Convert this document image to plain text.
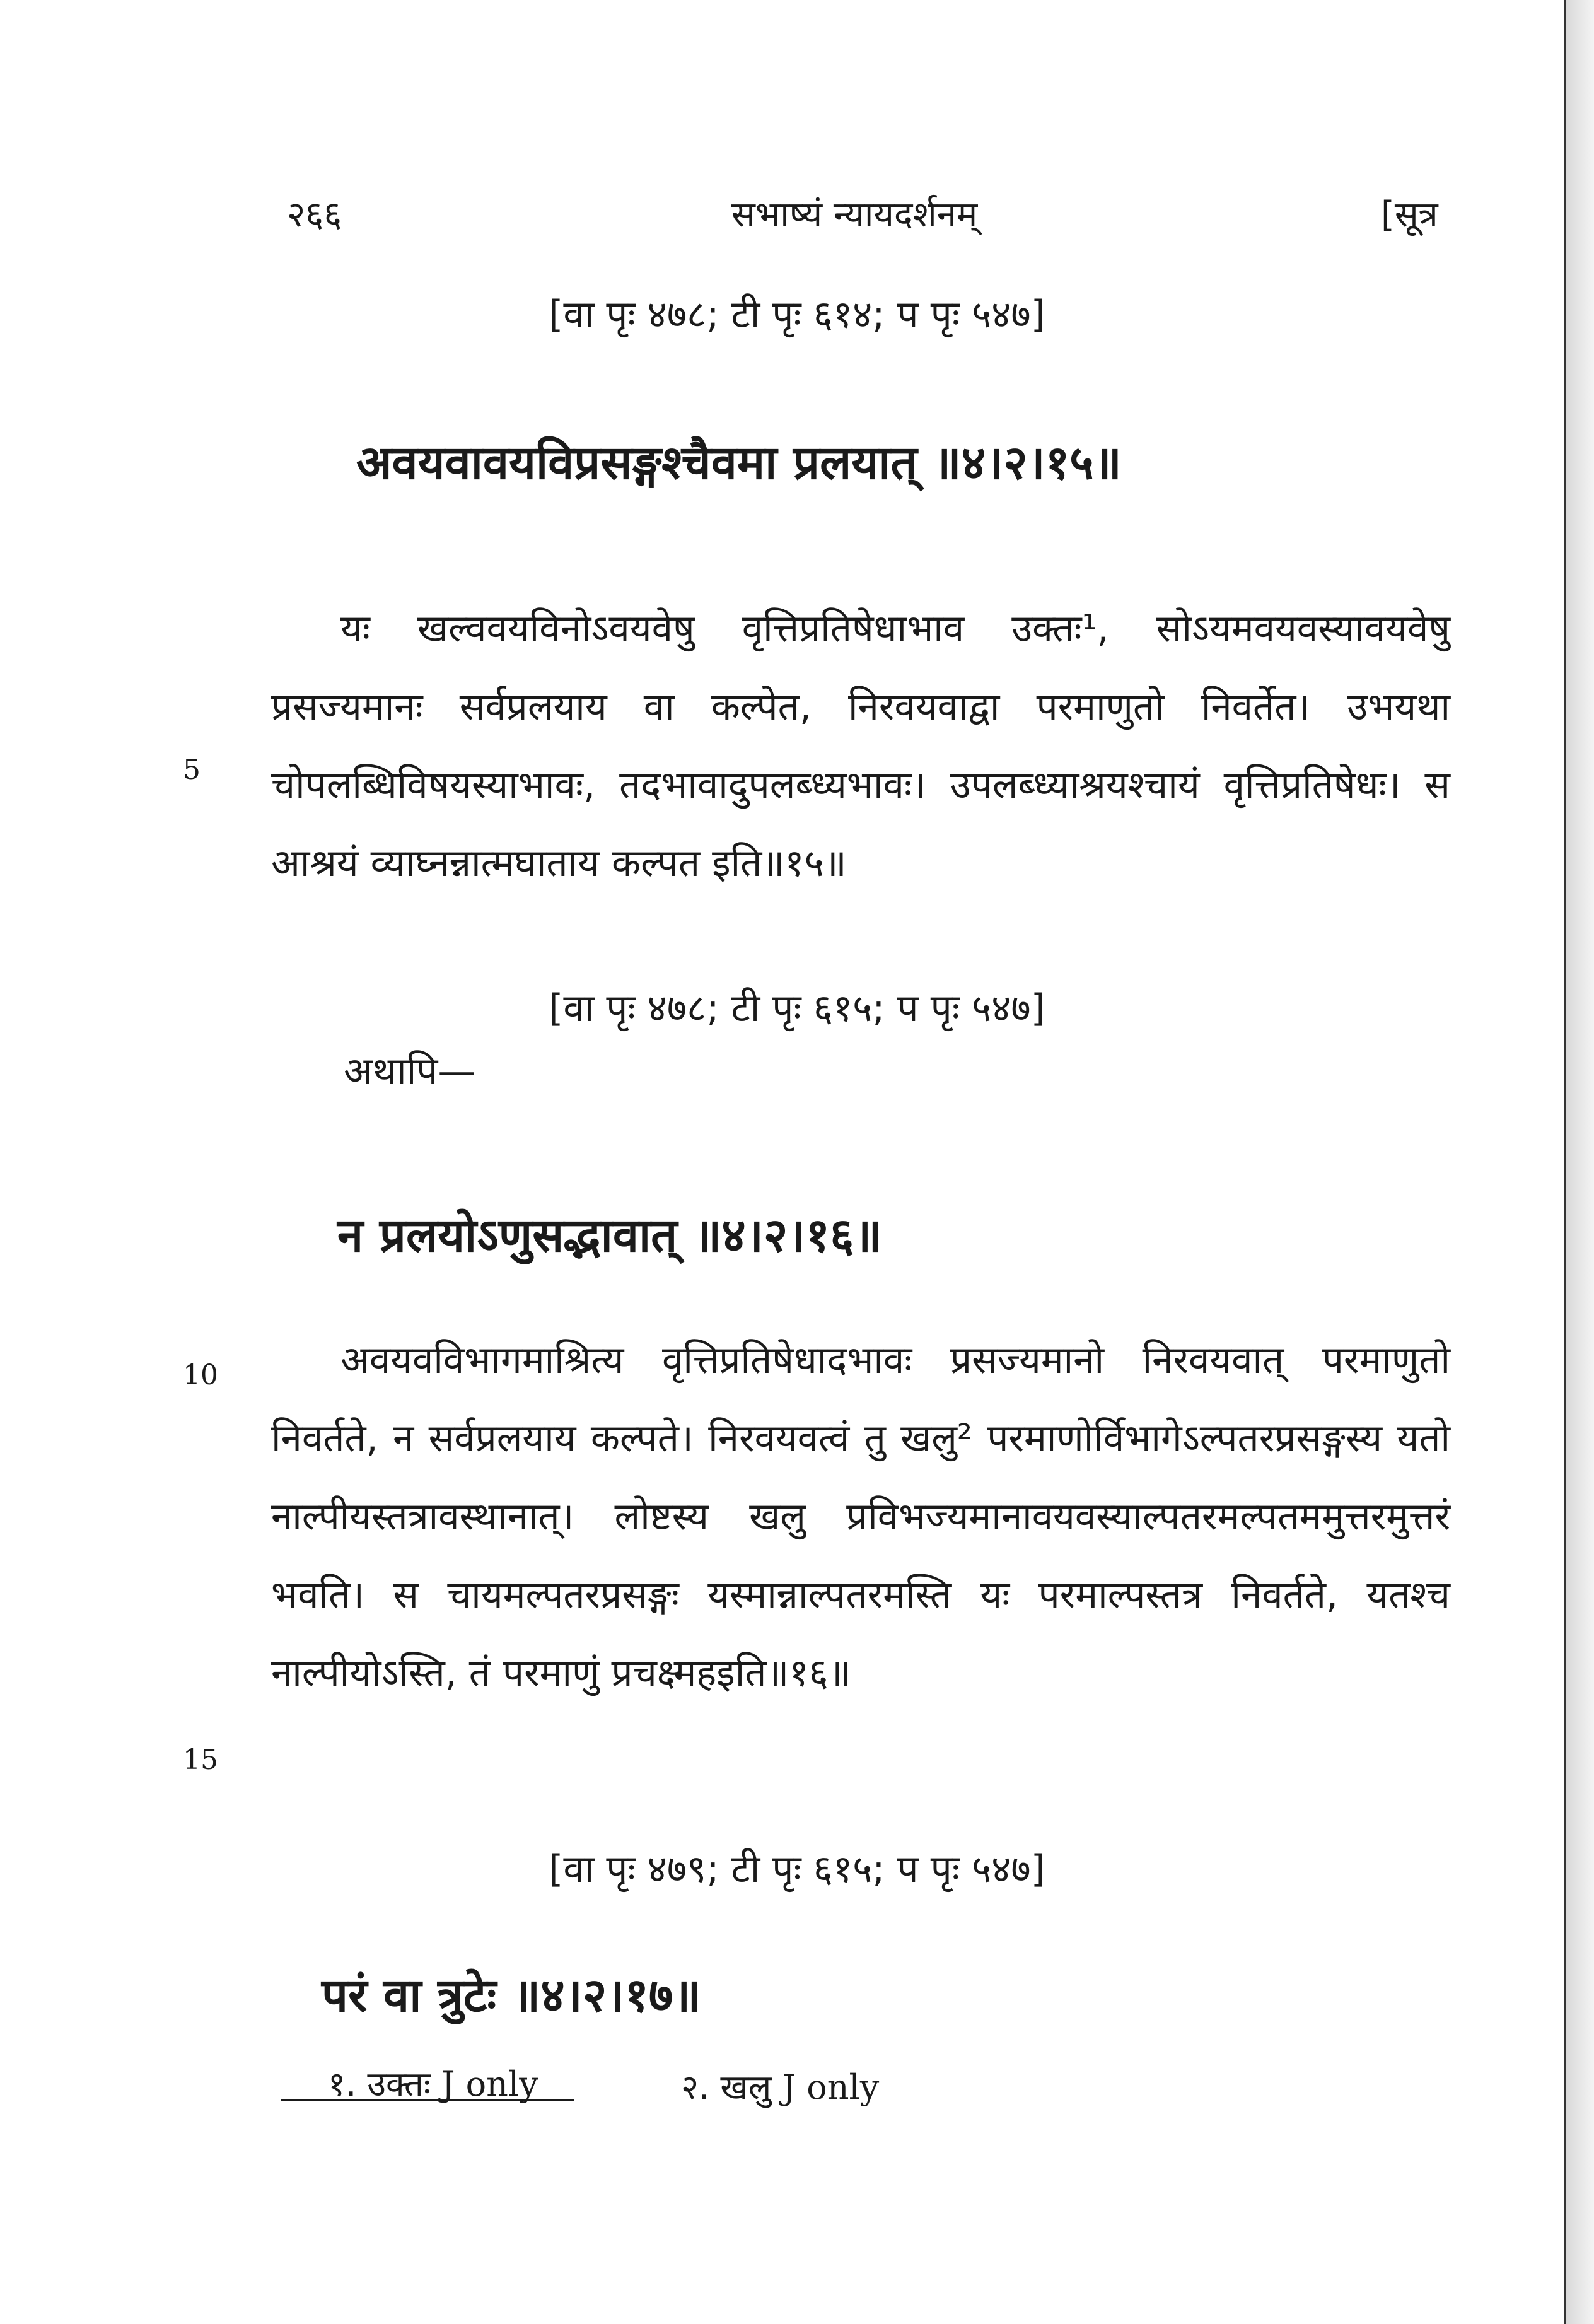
२६६	सभाष्यं न्यायदर्शनम्	[सूत्र
[वा पृः ४७८; टी पृः ६१४; प पृः ५४७]
अवयवावयविप्रसङ्गश्चैवमा प्रलयात् ॥४।२।१५॥

यः खल्ववयविनोऽवयवेषु वृत्तिप्रतिषेधाभाव उक्तः¹, सोऽयमवयवस्यावयवेषु प्रसज्यमानः सर्वप्रलयाय वा कल्पेत, निरवयवाद्वा परमाणुतो निवर्तेत। उभयथा चोपलब्धिविषयस्याभावः, तदभावादुपलब्ध्यभावः। उपलब्ध्याश्रयश्चायं वृत्तिप्रतिषेधः। स आश्रयं व्याघ्नन्नात्मघाताय कल्पत इति॥१५॥

5
[वा पृः ४७८; टी पृः ६१५; प पृः ५४७]
अथापि—
न प्रलयोऽणुसद्भावात् ॥४।२।१६॥

अवयवविभागमाश्रित्य वृत्तिप्रतिषेधादभावः प्रसज्यमानो निरवयवात् परमाणुतो निवर्तते, न सर्वप्रलयाय कल्पते। निरवयवत्वं तु खलु² परमाणोर्विभागेऽल्पतरप्रसङ्गस्य यतो नाल्पीयस्तत्रावस्थानात्। लोष्टस्य खलु प्रविभज्यमानावयवस्याल्पतरमल्पतममुत्तरमुत्तरं भवति। स चायमल्पतरप्रसङ्गः यस्मान्नाल्पतरमस्ति यः परमाल्पस्तत्र निवर्तते, यतश्च नाल्पीयोऽस्ति, तं परमाणुं प्रचक्ष्महइति॥१६॥

10
15
[वा पृः ४७९; टी पृः ६१५; प पृः ५४७]
परं वा त्रुटेः ॥४।२।१७॥
१. उक्तः J only	२. खलु J only
